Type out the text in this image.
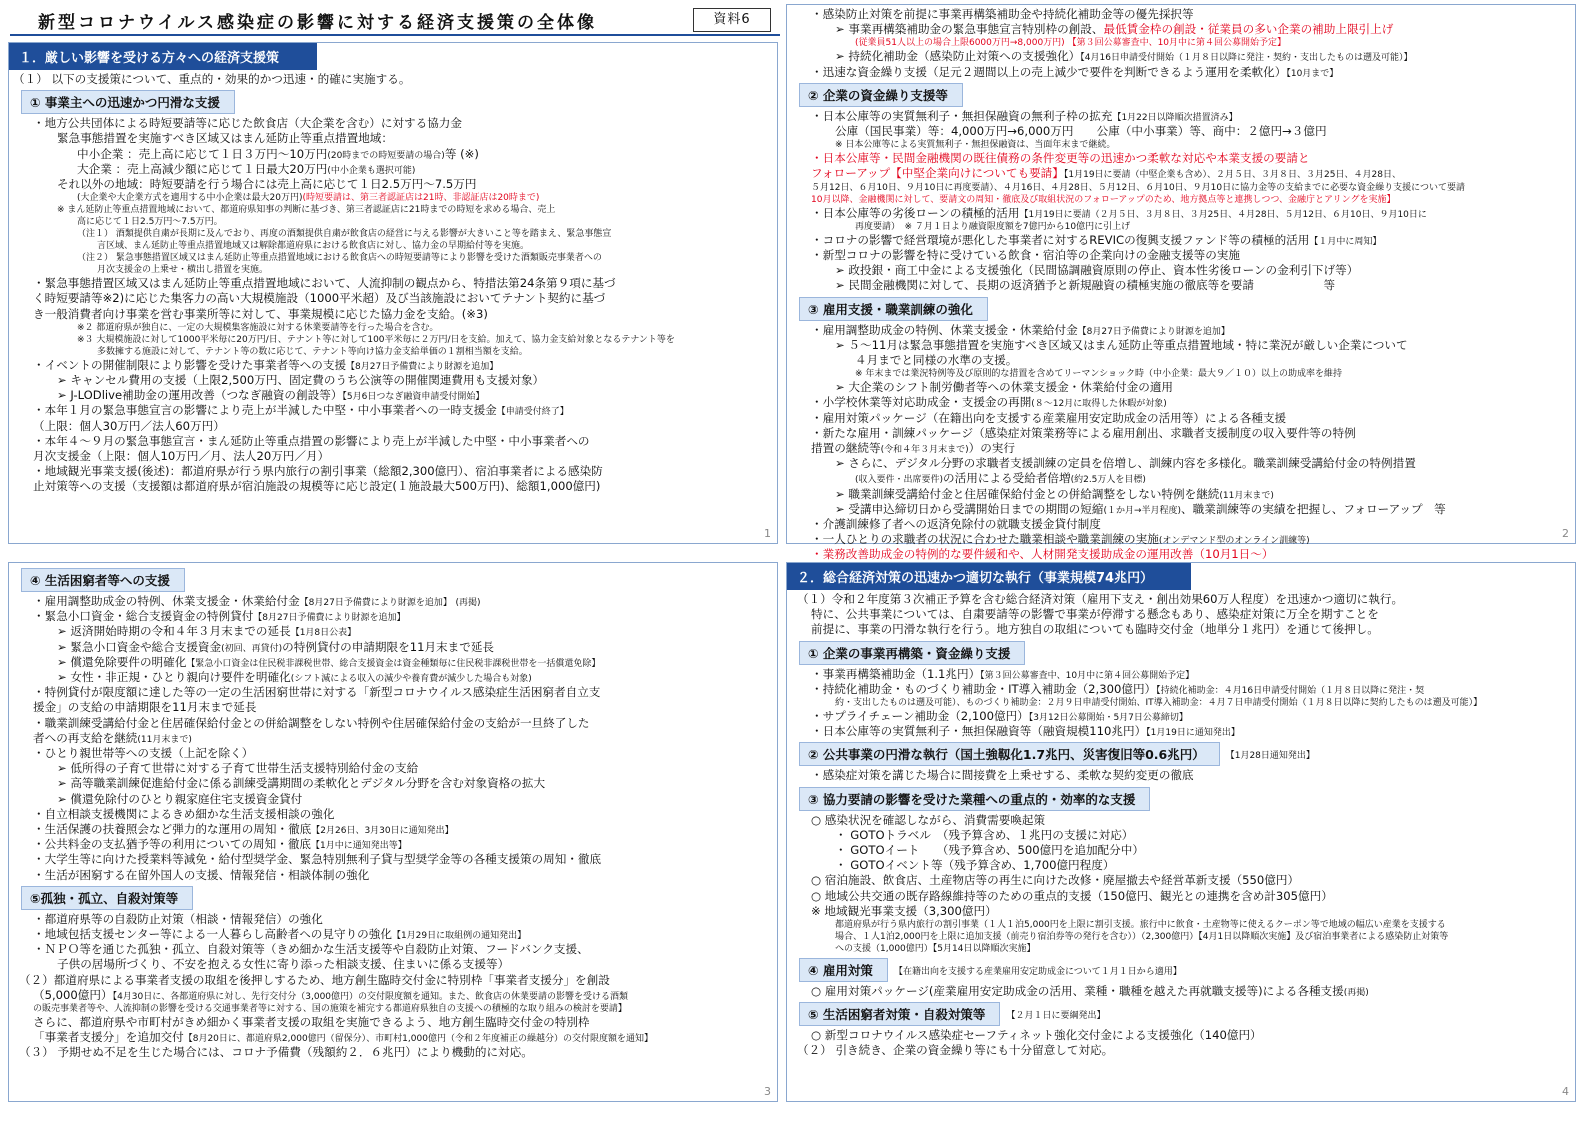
新型コロナウイルス感染症の影響に対する経済支援策の全体像	資料6
１．厳しい影響を受ける方々への経済支援策
（１） 以下の支援策について、重点的・効果的かつ迅速・的確に実施する。
① 事業主への迅速かつ円滑な支援
・地方公共団体による時短要請等に応じた飲食店（大企業を含む）に対する協力金
緊急事態措置を実施すべき区域又はまん延防止等重点措置地域：
中小企業 ：売上高に応じて１日３万円～10万円(20時までの時短要請の場合)等 (※)
大企業 ：売上高減少額に応じて１日最大20万円(中小企業も選択可能)
それ以外の地域：時短要請を行う場合には売上高に応じて１日2.5万円～7.5万円
(大企業や大企業方式を適用する中小企業は最大20万円)(時短要請は、第三者認証店は21時、非認証店は20時まで)
※ まん延防止等重点措置地域において、都道府県知事の判断に基づき、第三者認証店に21時までの時短を求める場合、売上
高に応じて１日2.5万円～7.5万円。
（注１） 酒類提供自粛が長期に及んでおり、再度の酒類提供自粛が飲食店の経営に与える影響が大きいこと等を踏まえ、緊急事態宣
言区域、まん延防止等重点措置地域又は解除都道府県における飲食店に対し、協力金の早期給付等を実施。
（注２） 緊急事態措置区域又はまん延防止等重点措置地域における飲食店への時短要請等により影響を受けた酒類販売事業者への
月次支援金の上乗せ・横出し措置を実施。
・緊急事態措置区域又はまん延防止等重点措置地域において、人流抑制の観点から、特措法第24条第９項に基づ
く時短要請等※2)に応じた集客力の高い大規模施設（1000平米超）及び当該施設においてテナント契約に基づ
き一般消費者向け事業を営む事業所等に対して、事業規模に応じた協力金を支給。(※3)
※２ 都道府県が独自に、一定の大規模集客施設に対する休業要請等を行った場合を含む。
※３ 大規模施設に対して1000平米毎に20万円/日、テナント等に対して100平米毎に２万円/日を支給。加えて、協力金支給対象となるテナント等を
多数擁する施設に対して、テナント等の数に応じて、テナント等向け協力金支給単価の１割相当額を支給。
・イベントの開催制限により影響を受けた事業者等への支援【8月27日予備費により財源を追加】
➢ キャンセル費用の支援（上限2,500万円、固定費のうち公演等の開催関連費用も支援対象）
➢ J-LODlive補助金の運用改善（つなぎ融資の創設等）【5月6日つなぎ融資申請受付開始】
・本年１月の緊急事態宣言の影響により売上が半減した中堅・中小事業者への一時支援金【申請受付終了】
（上限：個人30万円／法人60万円）
・本年４～９月の緊急事態宣言・まん延防止等重点措置の影響により売上が半減した中堅・中小事業者への
月次支援金（上限：個人10万円／月、法人20万円／月）
・地域観光事業支援(後述)：都道府県が行う県内旅行の割引事業（総額2,300億円）、宿泊事業者による感染防
止対策等への支援（支援額は都道府県が宿泊施設の規模等に応じ設定(１施設最大500万円)、総額1,000億円)
1
・感染防止対策を前提に事業再構築補助金や持続化補助金等の優先採択等
➢ 事業再構築補助金の緊急事態宣言特別枠の創設、最低賃金枠の創設・従業員の多い企業の補助上限引上げ
(従業員51人以上の場合上限6000万円→8,000万円) 【第３回公募審査中、10月中に第４回公募開始予定】
➢ 持続化補助金（感染防止対策への支援強化）【4月16日申請受付開始（１月８日以降に発注・契約・支出したものは遡及可能）】
・迅速な資金繰り支援（足元２週間以上の売上減少で要件を判断できるよう運用を柔軟化）【10月まで】
② 企業の資金繰り支援等
・日本公庫等の実質無利子・無担保融資の無利子枠の拡充【1月22日以降順次措置済み】
公庫（国民事業）等：4,000万円→6,000万円　　公庫（中小事業）等、商中：２億円→３億円
※ 日本公庫等による実質無利子・無担保融資は、当面年末まで継続。
・日本公庫等・民間金融機関の既往債務の条件変更等の迅速かつ柔軟な対応や本業支援の要請と
フォローアップ【中堅企業向けについても要請】【1月19日に要請（中堅企業も含め）、２月５日、３月８日、３月25日、４月28日、
５月12日、６月10日、９月10日に再度要請）、４月16日、４月28日、５月12日、６月10日、９月10日に協力金等の支給までに必要な資金繰り支援について要請
10月以降、金融機関に対して、要請文の周知・徹底及び取組状況のフォローアップのため、地方拠点等と連携しつつ、金融庁とアリングを実施】
・日本公庫等の劣後ローンの積極的活用【1月19日に要請（２月５日、３月８日、３月25日、４月28日、５月12日、６月10日、９月10日に
再度要請）　※ ７月１日より融資限度額を7億円から10億円に引上げ
・コロナの影響で経営環境が悪化した事業者に対するREVICの復興支援ファンド等の積極的活用【１月中に周知】
・新型コロナの影響を特に受けている飲食・宿泊等の企業向けの金融支援等の実施
➢ 政投銀・商工中金による支援強化（民間協調融資原則の停止、資本性劣後ローンの金利引下げ等）
➢ 民間金融機関に対して、長期の返済猶予と新規融資の積極実施の徹底等を要請　　　　　　等
③ 雇用支援・職業訓練の強化
・雇用調整助成金の特例、休業支援金・休業給付金【8月27日予備費により財源を追加】
➢ ５～11月は緊急事態措置を実施すべき区域又はまん延防止等重点措置地域・特に業況が厳しい企業について
４月までと同様の水準の支援。
※ 年末までは業況特例等及び原則的な措置を含めてリーマンショック時（中小企業：最大９／１０）以上の助成率を維持
➢ 大企業のシフト制労働者等への休業支援金・休業給付金の適用
・小学校休業等対応助成金・支援金の再開(８～12月に取得した休暇が対象)
・雇用対策パッケージ（在籍出向を支援する産業雇用安定助成金の活用等）による各種支援
・新たな雇用・訓練パッケージ（感染症対策業務等による雇用創出、求職者支援制度の収入要件等の特例
措置の継続等(令和４年３月末まで)）の実行
➢ さらに、デジタル分野の求職者支援訓練の定員を倍増し、訓練内容を多様化。職業訓練受講給付金の特例措置
(収入要件・出席要件)の活用による受給者倍増(約2.5万人を目標)
➢ 職業訓練受講給付金と住居確保給付金との併給調整をしない特例を継続(11月末まで)
➢ 受講申込締切日から受講開始日までの期間の短縮(１か月→半月程度)、職業訓練等の実績を把握し、フォローアップ　等
・介護訓練修了者への返済免除付の就職支援金貸付制度
・一人ひとりの求職者の状況に合わせた職業相談や職業訓練の実施(オンデマンド型のオンライン訓練等)
・業務改善助成金の特例的な要件緩和や、人材開発支援助成金の運用改善（10月1日～）
2
④ 生活困窮者等への支援
・雇用調整助成金の特例、休業支援金・休業給付金【8月27日予備費により財源を追加】 (再掲)
・緊急小口資金・総合支援資金の特例貸付【8月27日予備費により財源を追加】
➢ 返済開始時期の令和４年３月末までの延長【1月8日公表】
➢ 緊急小口資金や総合支援資金(初回、再貸付)の特例貸付の申請期限を11月末まで延長
➢ 償還免除要件の明確化【緊急小口資金は住民税非課税世帯、総合支援資金は資金種類毎に住民税非課税世帯を一括償還免除】
➢ 女性・非正規・ひとり親向け要件を明確化(シフト減による収入の減少や養育費が減少した場合も対象)
・特例貸付が限度額に達した等の一定の生活困窮世帯に対する「新型コロナウイルス感染症生活困窮者自立支
援金」の支給の申請期限を11月末まで延長
・職業訓練受講給付金と住居確保給付金との併給調整をしない特例や住居確保給付金の支給が一旦終了した
者への再支給を継続(11月末まで)
・ひとり親世帯等への支援（上記を除く）
➢ 低所得の子育て世帯に対する子育て世帯生活支援特別給付金の支給
➢ 高等職業訓練促進給付金に係る訓練受講期間の柔軟化とデジタル分野を含む対象資格の拡大
➢ 償還免除付のひとり親家庭住宅支援資金貸付
・自立相談支援機関によるきめ細かな生活支援相談の強化
・生活保護の扶養照会など弾力的な運用の周知・徹底【2月26日、3月30日に通知発出】
・公共料金の支払猶予等の利用についての周知・徹底【1月中に通知発出等】
・大学生等に向けた授業料等減免・給付型奨学金、緊急特別無利子貸与型奨学金等の各種支援策の周知・徹底
・生活が困窮する在留外国人の支援、情報発信・相談体制の強化
⑤孤独・孤立、自殺対策等
・都道府県等の自殺防止対策（相談・情報発信）の強化
・地域包括支援センター等による一人暮らし高齢者への見守りの強化【1月29日に取組例の通知発出】
・ＮＰＯ等を通じた孤独・孤立、自殺対策等（きめ細かな生活支援等や自殺防止対策、フードバンク支援、
子供の居場所づくり、不安を抱える女性に寄り添った相談支援、住まいに係る支援等）
（２）都道府県による事業者支援の取組を後押しするため、地方創生臨時交付金に特別枠「事業者支援分」を創設
（5,000億円）【4月30日に、各都道府県に対し、先行交付分（3,000億円）の交付限度額を通知。また、飲食店の休業要請の影響を受ける酒類
の販売事業者等や、人流抑制の影響を受ける交通事業者等に対する、国の施策を補完する都道府県独自の支援への積極的な取り組みの検討を要請】
さらに、都道府県や市町村がきめ細かく事業者支援の取組を実施できるよう、地方創生臨時交付金の特別枠
「事業者支援分」を追加交付【8月20日に、都道府県2,000億円（留保分）、市町村1,000億円（令和２年度補正の繰越分）の交付限度額を通知】
（３） 予期せぬ不足を生じた場合には、コロナ予備費（残額約２．６兆円）により機動的に対応。
3
２．総合経済対策の迅速かつ適切な執行（事業規模74兆円）
（１）令和２年度第３次補正予算を含む総合経済対策（雇用下支え・創出効果60万人程度）を迅速かつ適切に執行。
特に、公共事業については、自粛要請等の影響で事業が停滞する懸念もあり、感染症対策に万全を期すことを
前提に、事業の円滑な執行を行う。地方独自の取組についても臨時交付金（地単分１兆円）を通じて後押し。
① 企業の事業再構築・資金繰り支援
・事業再構築補助金（1.1兆円）【第３回公募審査中、10月中に第４回公募開始予定】
・持続化補助金・ものづくり補助金・IT導入補助金（2,300億円）【持続化補助金：４月16日申請受付開始（１月８日以降に発注・契
約・支出したものは遡及可能）、ものづくり補助金：２月９日申請受付開始、IT導入補助金：４月７日申請受付開始（１月８日以降に契約したものは遡及可能）】
・サプライチェーン補助金（2,100億円）【3月12日公募開始・5月7日公募締切】
・日本公庫等の実質無利子・無担保融資等（融資規模110兆円）【1月19日に通知発出】
② 公共事業の円滑な執行（国土強靱化1.7兆円、災害復旧等0.6兆円）	【1月28日通知発出】
・感染症対策を講じた場合に間接費を上乗せする、柔軟な契約変更の徹底
③ 協力要請の影響を受けた業種への重点的・効率的な支援
○ 感染状況を確認しながら、消費需要喚起策
・ GOTOトラベル　（残予算含め、１兆円の支援に対応）
・ GOTOイート　　（残予算含め、500億円を追加配分中）
・ GOTOイベント等（残予算含め、1,700億円程度）
○ 宿泊施設、飲食店、土産物店等の再生に向けた改修・廃屋撤去や経営革新支援（550億円）
○ 地域公共交通の既存路線維持等のための重点的支援（150億円、観光との連携を含め計305億円）
※ 地域観光事業支援（3,300億円）
都道府県が行う県内旅行の割引事業（１人１泊5,000円を上限に割引支援。旅行中に飲食・土産物等に使えるクーポン等で地域の幅広い産業を支援する
場合、１人1泊2,000円を上限に追加支援（前売り宿泊券等の発行を含む））（2,300億円）【4月1日以降順次実施】及び宿泊事業者による感染防止対策等
への支援（1,000億円）【5月14日以降順次実施】
④ 雇用対策	【在籍出向を支援する産業雇用安定助成金について１月１日から適用】
○ 雇用対策パッケージ(産業雇用安定助成金の活用、業種・職種を越えた再就職支援等)による各種支援(再掲)
⑤ 生活困窮者対策・自殺対策等	【２月１日に要綱発出】
○ 新型コロナウイルス感染症セーフティネット強化交付金による支援強化（140億円）
（２） 引き続き、企業の資金繰り等にも十分留意して対応。
4
